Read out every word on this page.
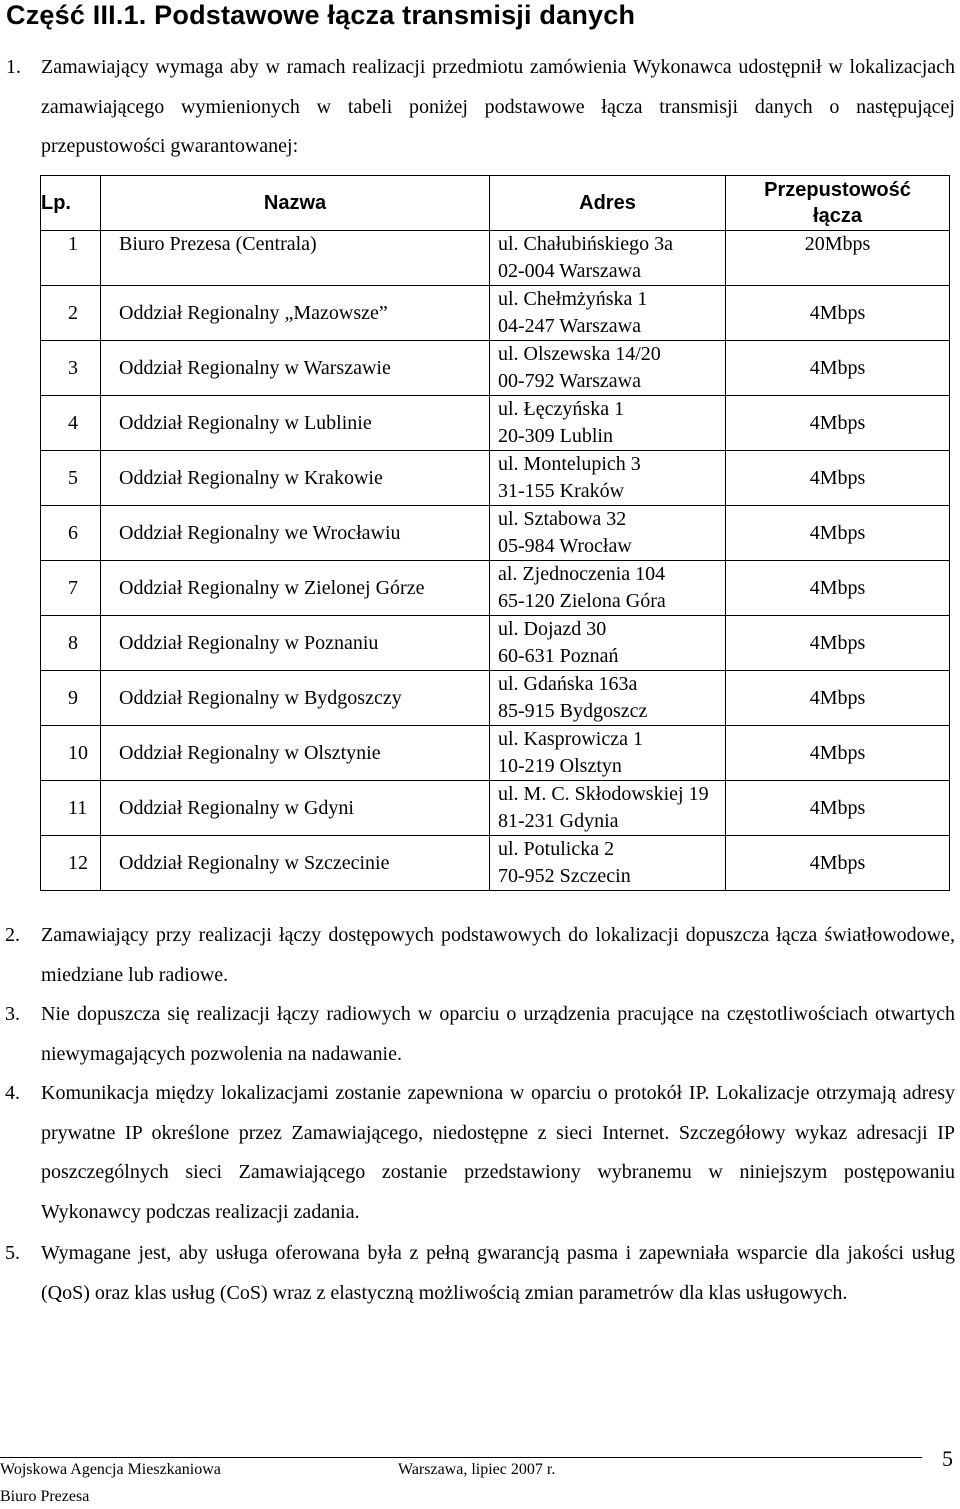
Część III.1. Podstawowe łącza transmisji danych
1. Zamawiający wymaga aby w ramach realizacji przedmiotu zamówienia Wykonawca udostępnił w lokalizacjach zamawiającego wymienionych w tabeli poniżej podstawowe łącza transmisji danych o następującej przepustowości gwarantowanej:
Lp.	Nazwa	Adres	Przepustowość
łącza

1	Biuro Prezesa (Centrala)	ul. Chałubińskiego 3a
02-004 Warszawa	20Mbps
2	Oddział Regionalny „Mazowsze”	ul. Chełmżyńska 1
04-247 Warszawa	4Mbps
3	Oddział Regionalny w Warszawie	ul. Olszewska 14/20
00-792 Warszawa	4Mbps
4	Oddział Regionalny w Lublinie	ul. Łęczyńska 1
20-309 Lublin	4Mbps
5	Oddział Regionalny w Krakowie	ul. Montelupich 3
31-155 Kraków	4Mbps
6	Oddział Regionalny we Wrocławiu	ul. Sztabowa 32
05-984 Wrocław	4Mbps
7	Oddział Regionalny w Zielonej Górze	al. Zjednoczenia 104
65-120 Zielona Góra	4Mbps
8	Oddział Regionalny w Poznaniu	ul. Dojazd 30
60-631 Poznań	4Mbps
9	Oddział Regionalny w Bydgoszczy	ul. Gdańska 163a
85-915 Bydgoszcz	4Mbps
10	Oddział Regionalny w Olsztynie	ul. Kasprowicza 1
10-219 Olsztyn	4Mbps
11	Oddział Regionalny w Gdyni	ul. M. C. Skłodowskiej 19
81-231 Gdynia	4Mbps
12	Oddział Regionalny w Szczecinie	ul. Potulicka 2
70-952 Szczecin	4Mbps
2. Zamawiający przy realizacji łączy dostępowych podstawowych do lokalizacji dopuszcza łącza światłowodowe, miedziane lub radiowe.
3. Nie dopuszcza się realizacji łączy radiowych w oparciu o urządzenia pracujące na częstotliwościach otwartych niewymagających pozwolenia na nadawanie.
4. Komunikacja między lokalizacjami zostanie zapewniona w oparciu o protokół IP. Lokalizacje otrzymają adresy prywatne IP określone przez Zamawiającego, niedostępne z sieci Internet. Szczegółowy wykaz adresacji IP poszczególnych sieci Zamawiającego zostanie przedstawiony wybranemu w niniejszym postępowaniu Wykonawcy podczas realizacji zadania.
5. Wymagane jest, aby usługa oferowana była z pełną gwarancją pasma i zapewniała wsparcie dla jakości usług (QoS) oraz klas usług (CoS) wraz z elastyczną możliwością zmian parametrów dla klas usługowych.
Wojskowa Agencja Mieszkaniowa	Warszawa, lipiec 2007 r.
Biuro Prezesa
5
